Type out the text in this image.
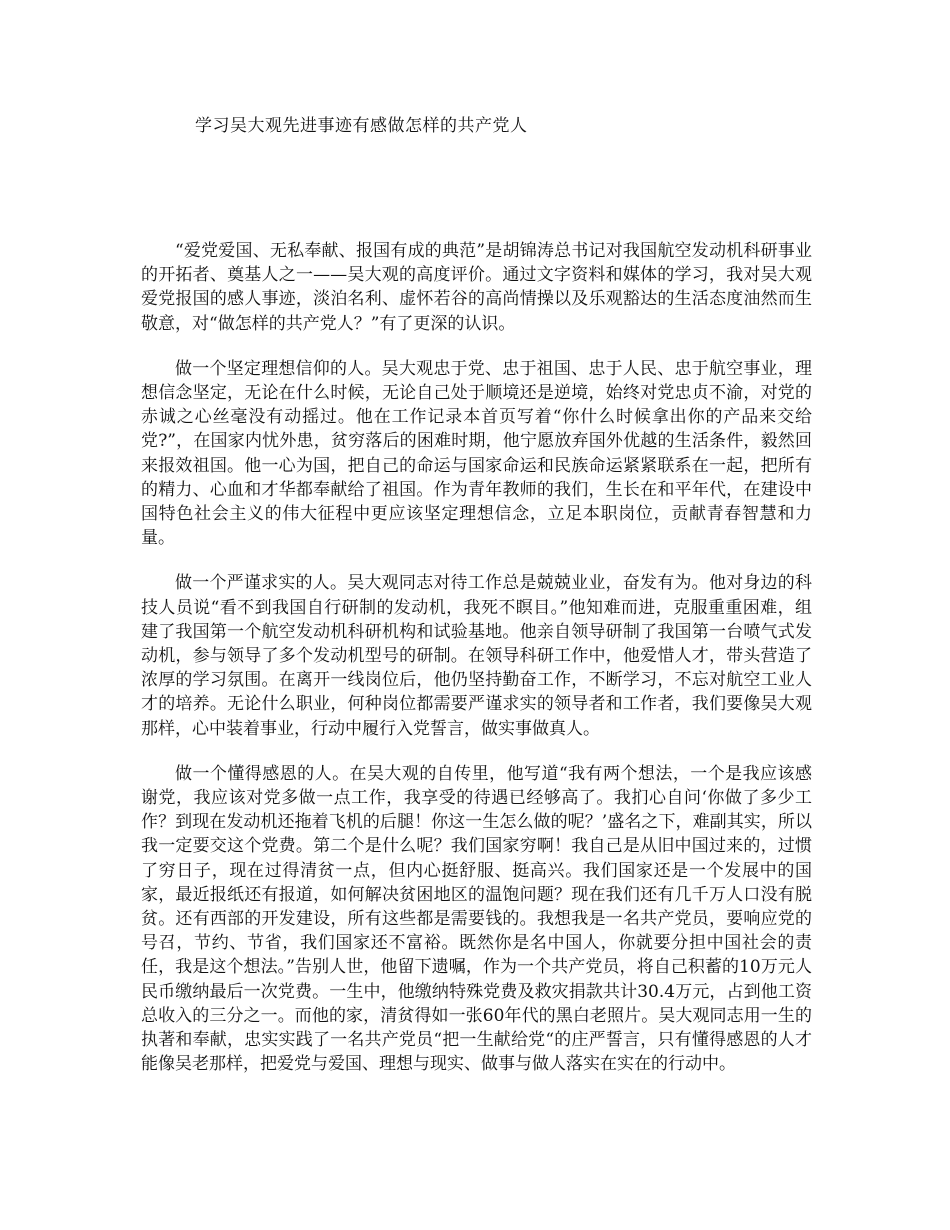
学习吴大观先进事迹有感做怎样的共产党人

“爱党爱国、无私奉献、报国有成的典范”是胡锦涛总书记对我国航空发动机科研事业的开拓者、奠基人之一——吴大观的高度评价。通过文字资料和媒体的学习，我对吴大观爱党报国的感人事迹，淡泊名利、虚怀若谷的高尚情操以及乐观豁达的生活态度油然而生敬意，对“做怎样的共产党人？”有了更深的认识。

做一个坚定理想信仰的人。吴大观忠于党、忠于祖国、忠于人民、忠于航空事业，理想信念坚定，无论在什么时候，无论自己处于顺境还是逆境，始终对党忠贞不渝，对党的赤诚之心丝毫没有动摇过。他在工作记录本首页写着“你什么时候拿出你的产品来交给党?”，在国家内忧外患，贫穷落后的困难时期，他宁愿放弃国外优越的生活条件，毅然回来报效祖国。他一心为国，把自己的命运与国家命运和民族命运紧紧联系在一起，把所有的精力、心血和才华都奉献给了祖国。作为青年教师的我们，生长在和平年代，在建设中国特色社会主义的伟大征程中更应该坚定理想信念，立足本职岗位，贡献青春智慧和力量。

做一个严谨求实的人。吴大观同志对待工作总是兢兢业业，奋发有为。他对身边的科技人员说“看不到我国自行研制的发动机，我死不瞑目。”他知难而进，克服重重困难，组建了我国第一个航空发动机科研机构和试验基地。他亲自领导研制了我国第一台喷气式发动机，参与领导了多个发动机型号的研制。在领导科研工作中，他爱惜人才，带头营造了浓厚的学习氛围。在离开一线岗位后，他仍坚持勤奋工作，不断学习，不忘对航空工业人才的培养。无论什么职业，何种岗位都需要严谨求实的领导者和工作者，我们要像吴大观那样，心中装着事业，行动中履行入党誓言，做实事做真人。

做一个懂得感恩的人。在吴大观的自传里，他写道“我有两个想法，一个是我应该感谢党，我应该对党多做一点工作，我享受的待遇已经够高了。我扪心自问‘你做了多少工作？到现在发动机还拖着飞机的后腿！你这一生怎么做的呢？’盛名之下，难副其实，所以我一定要交这个党费。第二个是什么呢？我们国家穷啊！我自己是从旧中国过来的，过惯了穷日子，现在过得清贫一点，但内心挺舒服、挺高兴。我们国家还是一个发展中的国家，最近报纸还有报道，如何解决贫困地区的温饱问题？现在我们还有几千万人口没有脱贫。还有西部的开发建设，所有这些都是需要钱的。我想我是一名共产党员，要响应党的号召，节约、节省，我们国家还不富裕。既然你是名中国人，你就要分担中国社会的责任，我是这个想法。”告别人世，他留下遗嘱，作为一个共产党员，将自己积蓄的10万元人民币缴纳最后一次党费。一生中，他缴纳特殊党费及救灾捐款共计30.4万元，占到他工资总收入的三分之一。而他的家，清贫得如一张60年代的黑白老照片。吴大观同志用一生的执著和奉献，忠实实践了一名共产党员“把一生献给党“的庄严誓言，只有懂得感恩的人才能像吴老那样，把爱党与爱国、理想与现实、做事与做人落实在实在的行动中。
